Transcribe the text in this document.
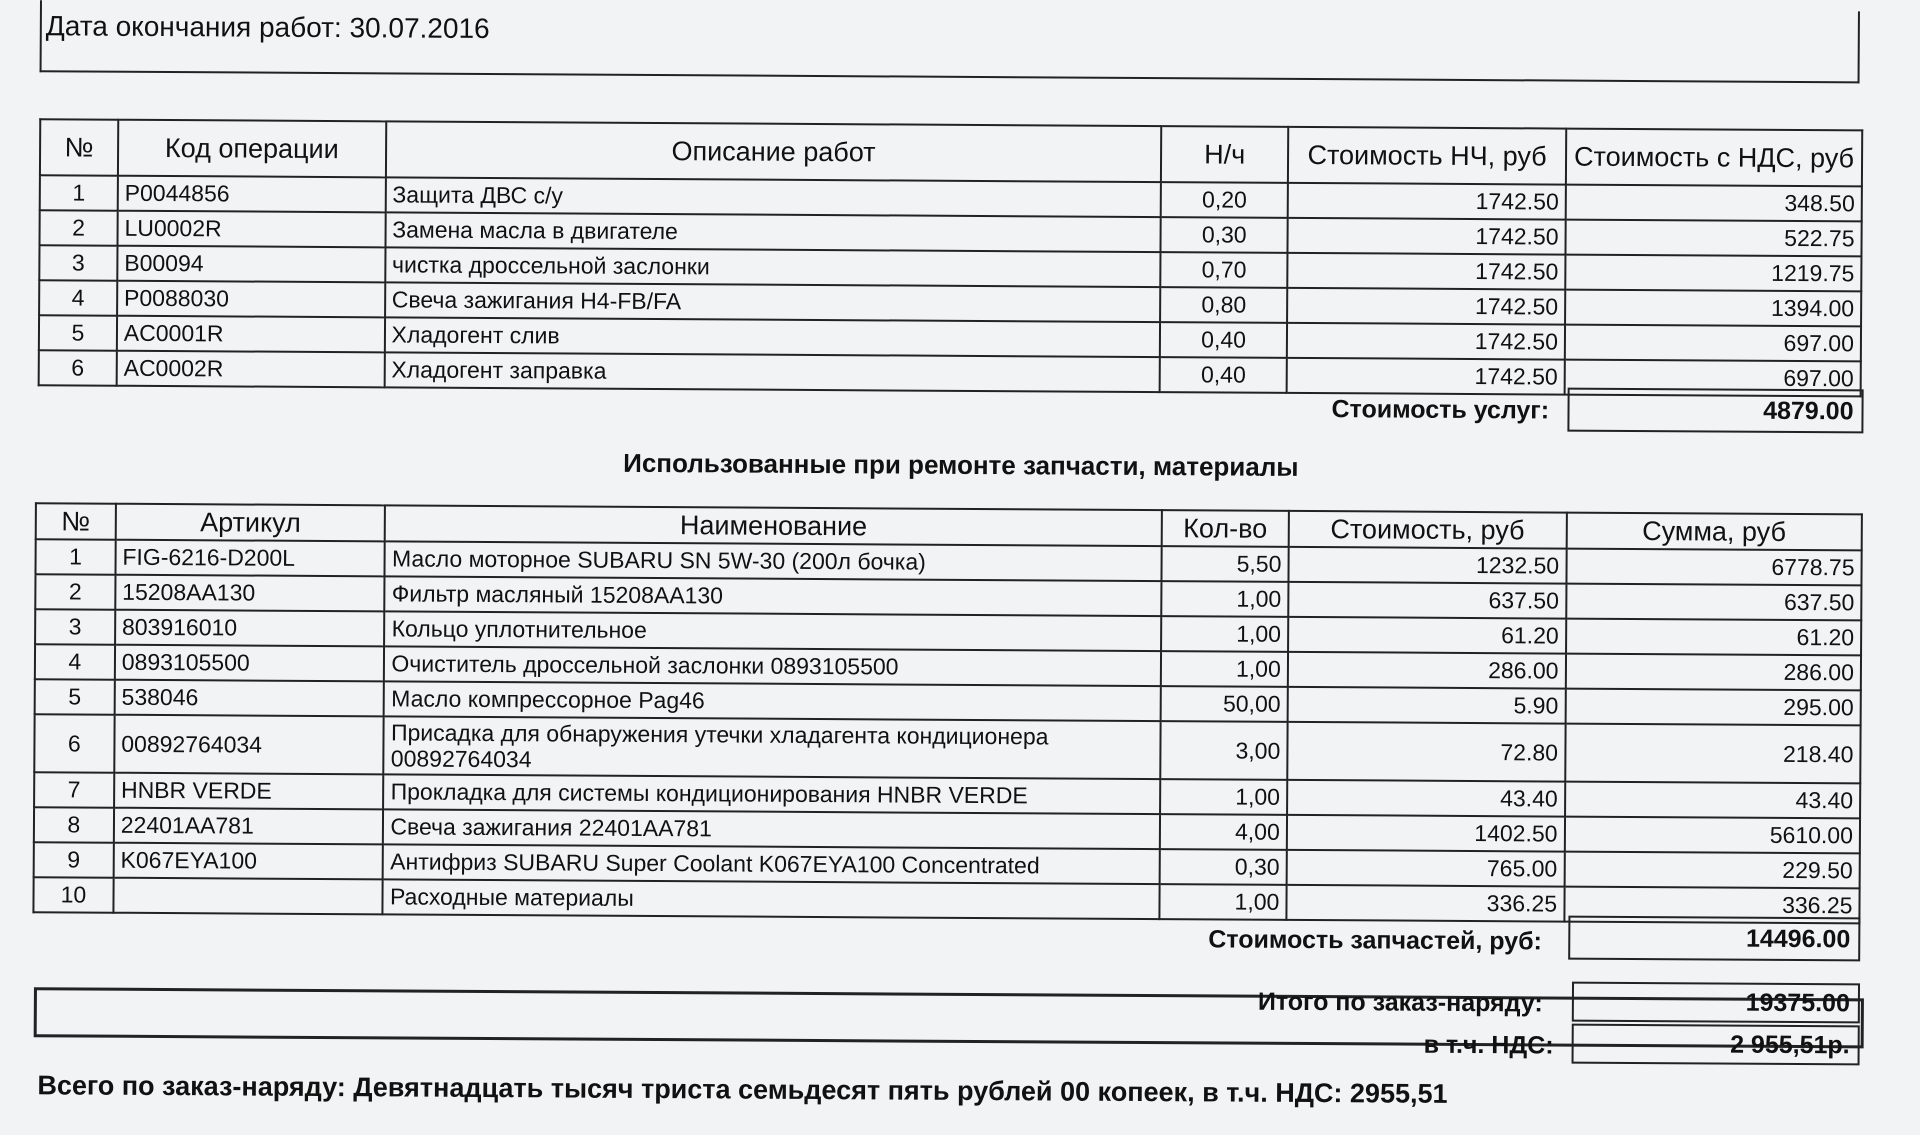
Дата окончания работ: 30.07.2016
№	Код операции	Описание работ	Н/ч	Стоимость НЧ, руб	Стоимость с НДС, руб
1	P0044856	Защита ДВС с/у	0,20	1742.50	348.50
2	LU0002R	Замена масла в двигателе	0,30	1742.50	522.75
3	B00094	чистка дроссельной заслонки	0,70	1742.50	1219.75
4	P0088030	Свеча зажигания H4-FB/FA	0,80	1742.50	1394.00
5	AC0001R	Хладогент слив	0,40	1742.50	697.00
6	AC0002R	Хладогент заправка	0,40	1742.50	697.00
Стоимость услуг:	4879.00
Использованные при ремонте запчасти, материалы
№	Артикул	Наименование	Кол-во	Стоимость, руб	Сумма, руб
1	FIG-6216-D200L	Масло моторное SUBARU SN 5W-30 (200л бочка)	5,50	1232.50	6778.75
2	15208AA130	Фильтр масляный 15208AA130	1,00	637.50	637.50
3	803916010	Кольцо уплотнительное	1,00	61.20	61.20
4	0893105500	Очиститель дроссельной заслонки 0893105500	1,00	286.00	286.00
5	538046	Масло компрессорное Pag46	50,00	5.90	295.00
6	00892764034	Присадка для обнаружения утечки хладагента кондиционера 00892764034	3,00	72.80	218.40
7	HNBR VERDE	Прокладка для системы кондиционирования HNBR VERDE	1,00	43.40	43.40
8	22401AA781	Свеча зажигания 22401AA781	4,00	1402.50	5610.00
9	K067EYA100	Антифриз SUBARU Super Coolant K067EYA100 Concentrated	0,30	765.00	229.50
10		Расходные материалы	1,00	336.25	336.25
Стоимость запчастей, руб:	14496.00
Итого по заказ-наряду:	19375.00
в т.ч. НДС:	2 955,51р.
Всего по заказ-наряду: Девятнадцать тысяч триста семьдесят пять рублей 00 копеек, в т.ч. НДС: 2955,51
